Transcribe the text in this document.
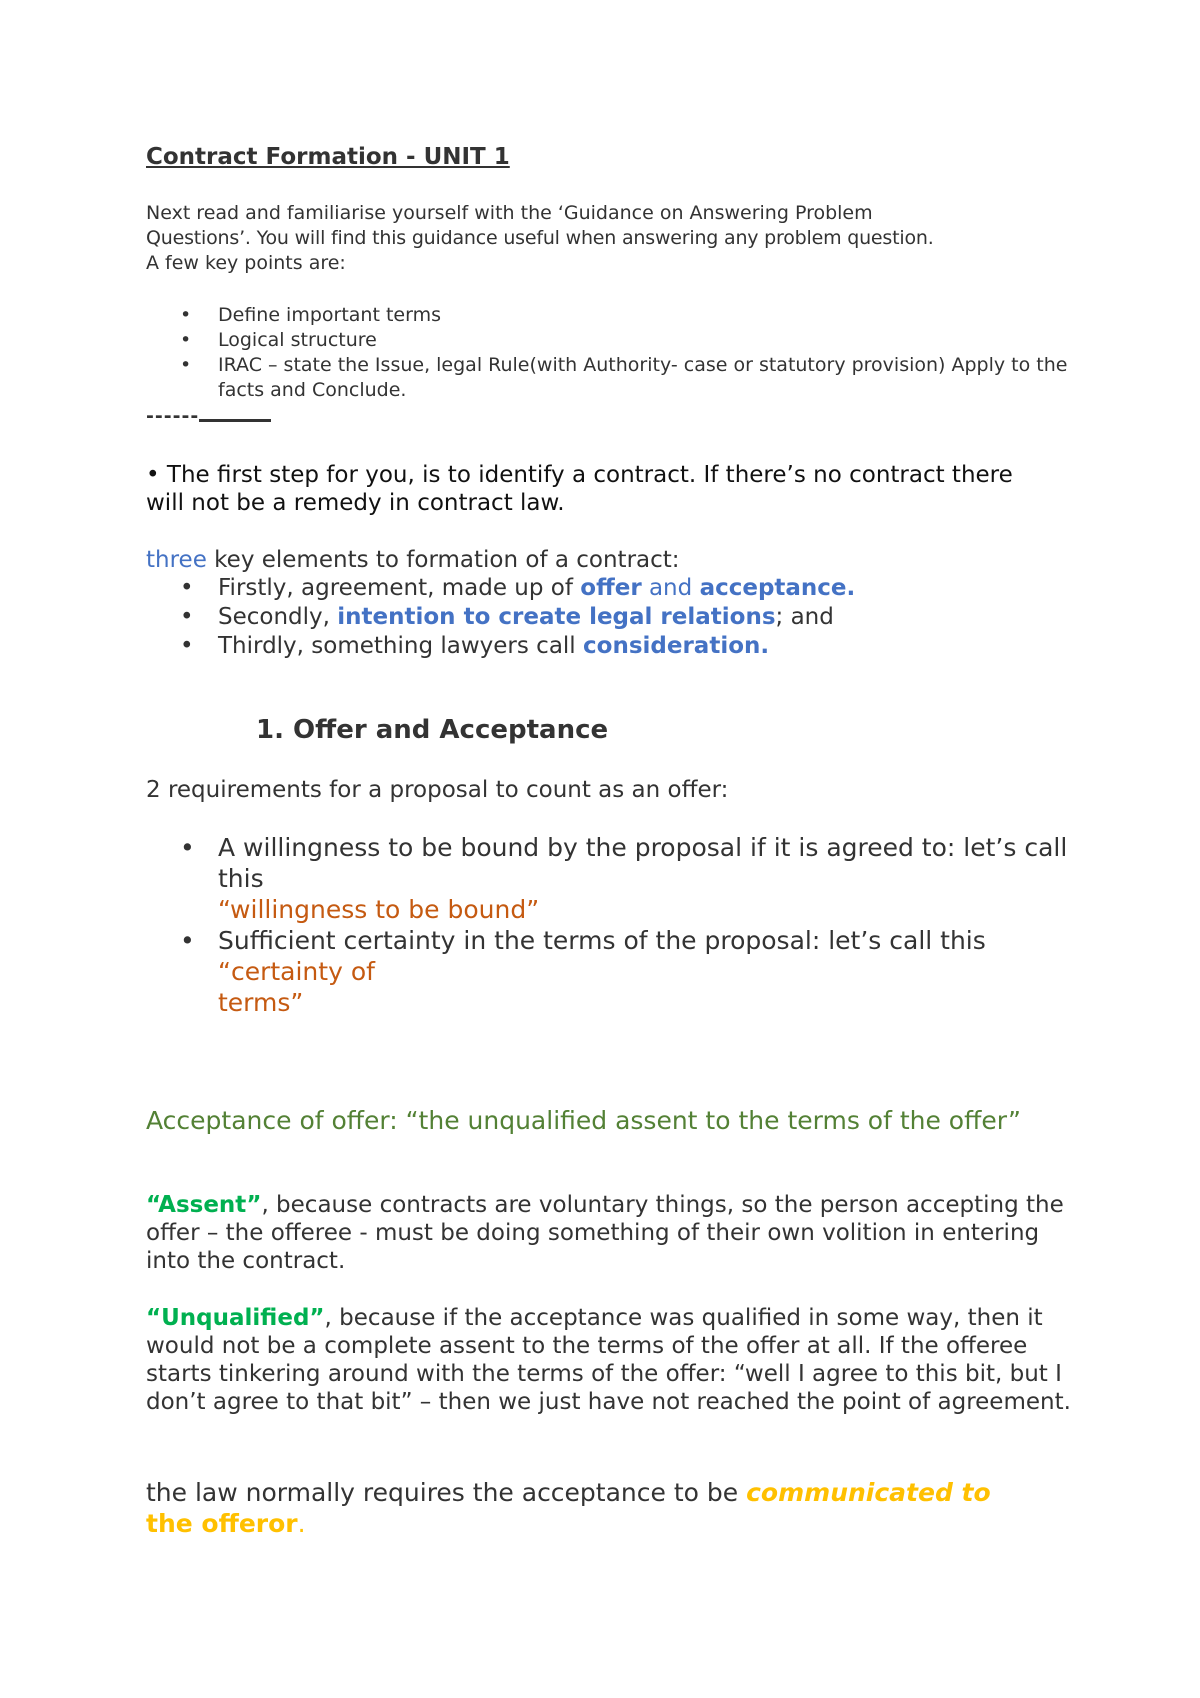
Contract Formation - UNIT 1

Next read and familiarise yourself with the ‘Guidance on Answering Problem

Questions’. You will find this guidance useful when answering any problem question.

A few key points are:

• Define important terms
• Logical structure
• IRAC – state the Issue, legal Rule(with Authority- case or statutory provision) Apply to the facts and Conclude.
------
• The first step for you, is to identify a contract. If there’s no contract there will not be a remedy in contract law.
three key elements to formation of a contract:
• Firstly, agreement, made up of offer and acceptance.
• Secondly, intention to create legal relations; and
• Thirdly, something lawyers call consideration.
1. Offer and Acceptance
2 requirements for a proposal to count as an offer:
• A willingness to be bound by the proposal if it is agreed to: let’s call this
“willingness to be bound”
• Sufficient certainty in the terms of the proposal: let’s call this
“certainty of
terms”
Acceptance of offer: “the unqualified assent to the terms of the offer”
“Assent”, because contracts are voluntary things, so the person accepting the offer – the offeree - must be doing something of their own volition in entering into the contract.
“Unqualified”, because if the acceptance was qualified in some way, then it would not be a complete assent to the terms of the offer at all. If the offeree starts tinkering around with the terms of the offer: “well I agree to this bit, but I don’t agree to that bit” – then we just have not reached the point of agreement.
the law normally requires the acceptance to be communicated to
the offeror.
